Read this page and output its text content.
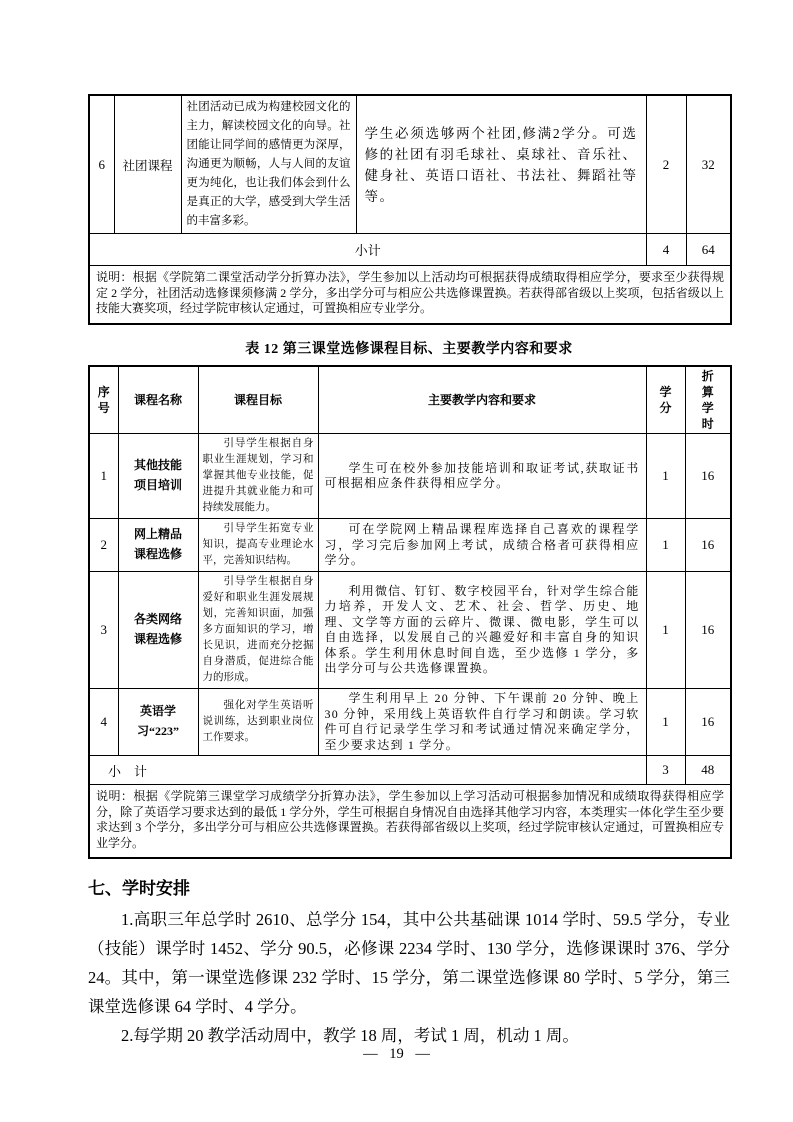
6	社团课程	社团活动已成为构建校园文化的主力，解读校园文化的向导。社团能让同学间的感情更为深厚，沟通更为顺畅，人与人间的友谊更为纯化，也让我们体会到什么是真正的大学，感受到大学生活的丰富多彩。	学生必须选够两个社团,修满2学分。可选修的社团有羽毛球社、桌球社、音乐社、健身社、英语口语社、书法社、舞蹈社等等。	2	32
小计				4	64
说明：根据《学院第二课堂活动学分折算办法》，学生参加以上活动均可根据获得成绩取得相应学分，要求至少获得规定 2 学分，社团活动选修课须修满 2 学分，多出学分可与相应公共选修课置换。若获得部省级以上奖项，包括省级以上技能大赛奖项，经过学院审核认定通过，可置换相应专业学分。					
表 12 第三课堂选修课程目标、主要教学内容和要求
序号	课程名称	课程目标	主要教学内容和要求	学分	折算学时
1	其他技能项目培训	引导学生根据自身职业生涯规划，学习和掌握其他专业技能，促进提升其就业能力和可持续发展能力。	学生可在校外参加技能培训和取证考试,获取证书可根据相应条件获得相应学分。	1	16
2	网上精品课程选修	引导学生拓宽专业知识，提高专业理论水平，完善知识结构。	可在学院网上精品课程库选择自己喜欢的课程学习，学习完后参加网上考试，成绩合格者可获得相应学分。	1	16
3	各类网络课程选修	引导学生根据自身爱好和职业生涯发展规划，完善知识面，加强多方面知识的学习，增长见识，进而充分挖掘自身潜质，促进综合能力的形成。	利用微信、钉钉、数字校园平台，针对学生综合能力培养，开发人文、艺术、社会、哲学、历史、地理、文学等方面的云碎片、微课、微电影，学生可以自由选择，以发展自己的兴趣爱好和丰富自身的知识体系。学生利用休息时间自选，至少选修 1 学分，多出学分可与公共选修课置换。	1	16
4	英语学习“223”	强化对学生英语听说训练，达到职业岗位工作要求。	学生利用早上 20 分钟、下午课前 20 分钟、晚上 30 分钟，采用线上英语软件自行学习和朗读。学习软件可自行记录学生学习和考试通过情况来确定学分，至少要求达到 1 学分。	1	16
小　计				3	48
说明：根据《学院第三课堂学习成绩学分折算办法》，学生参加以上学习活动可根据参加情况和成绩取得获得相应学分，除了英语学习要求达到的最低 1 学分外，学生可根据自身情况自由选择其他学习内容，本类理实一体化学生至少要求达到 3 个学分，多出学分可与相应公共选修课置换。若获得部省级以上奖项，经过学院审核认定通过，可置换相应专业学分。					
七、学时安排

1.高职三年总学时 2610、总学分 154，其中公共基础课 1014 学时、59.5 学分，专业（技能）课学时 1452、学分 90.5，必修课 2234 学时、130 学分，选修课课时 376、学分 24。其中，第一课堂选修课 232 学时、15 学分，第二课堂选修课 80 学时、5 学分，第三课堂选修课 64 学时、4 学分。

2.每学期 20 教学活动周中，教学 18 周，考试 1 周，机动 1 周。

— 19 —
